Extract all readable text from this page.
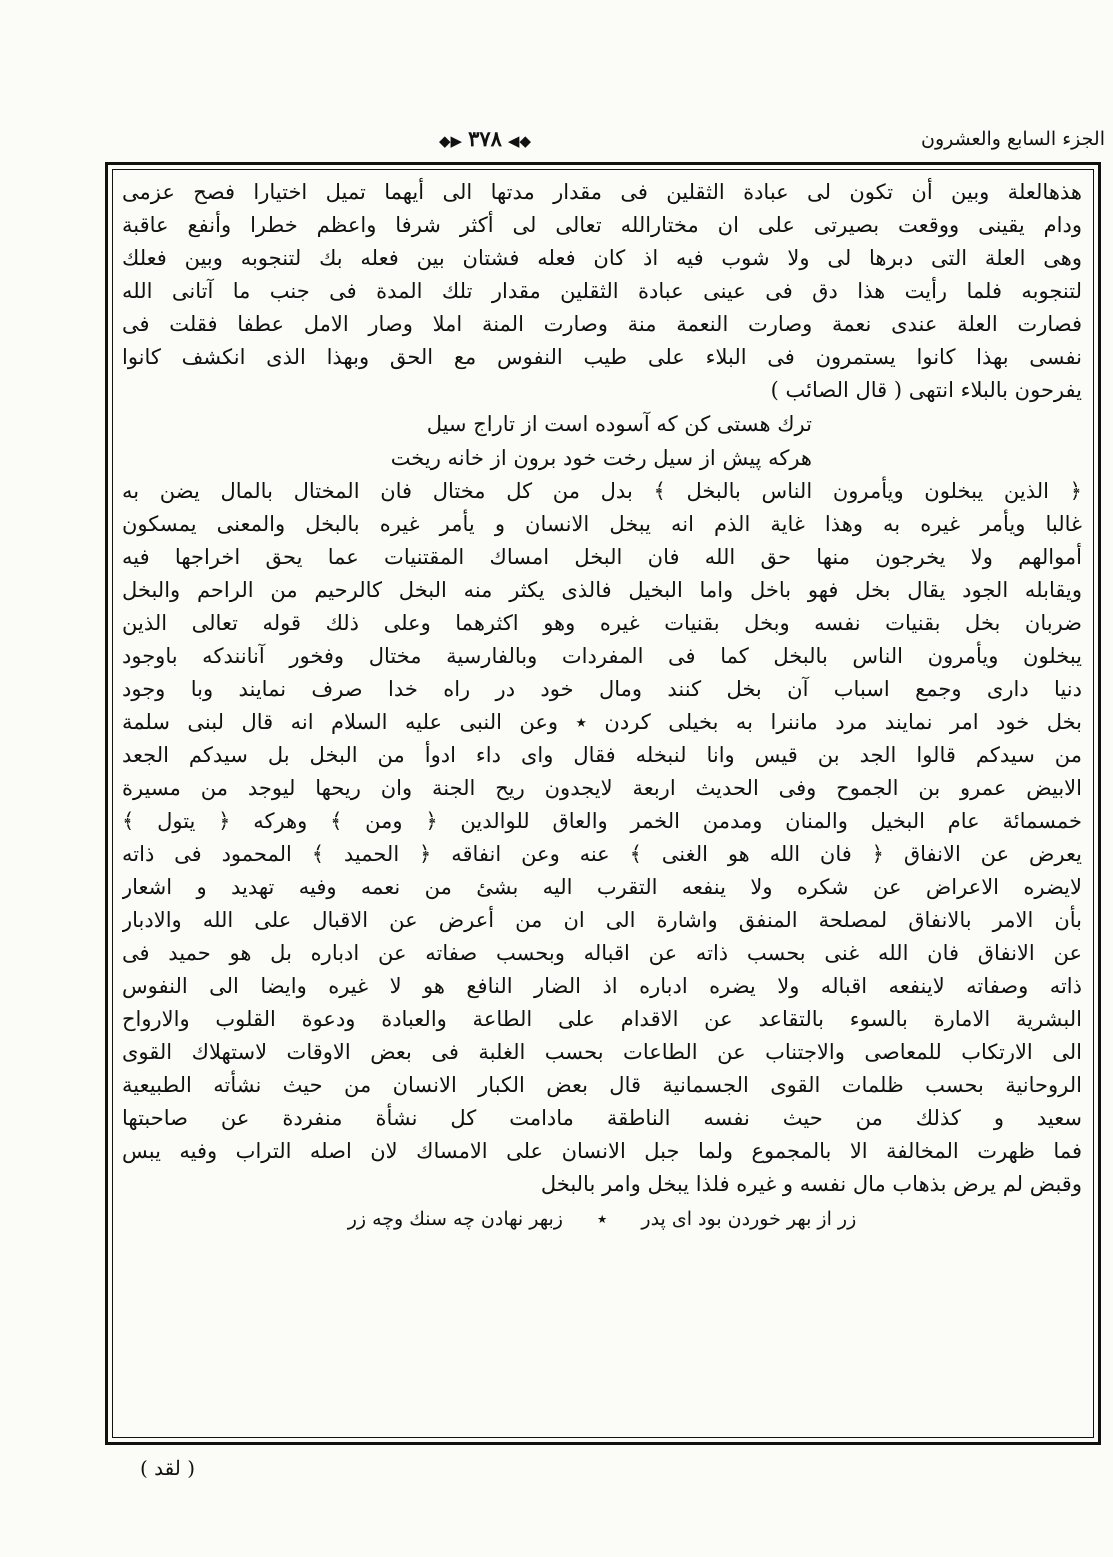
الجزء السابع والعشرون
◆◀٣٧٨▶◆
هذهالعلة وبين أن تكون لى عبادة الثقلين فى مقدار مدتها الى أيهما تميل اختيارا فصح عزمى
ودام يقينى ووقعت بصيرتى على ان مختارالله تعالى لى أكثر شرفا واعظم خطرا وأنفع عاقبة
وهى العلة التى دبرها لى ولا شوب فيه اذ كان فعله فشتان بين فعله بك لتنجوبه وبين فعلك
لتنجوبه فلما رأيت هذا دق فى عينى عبادة الثقلين مقدار تلك المدة فى جنب ما آتانى الله
فصارت العلة عندى نعمة وصارت النعمة منة وصارت المنة املا وصار الامل عطفا فقلت فى
نفسى بهذا كانوا يستمرون فى البلاء على طيب النفوس مع الحق وبهذا الذى انكشف كانوا
يفرحون بالبلاء انتهى ( قال الصائب )
ترك هستى كن كه آسوده است از تاراج سيل
هركه پيش از سيل رخت خود برون از خانه ريخت
﴿ الذين يبخلون ويأمرون الناس بالبخل ﴾ بدل من كل مختال فان المختال بالمال يضن به
غالبا ويأمر غيره به وهذا غاية الذم انه يبخل الانسان و يأمر غيره بالبخل والمعنى يمسكون
أموالهم ولا يخرجون منها حق الله فان البخل امساك المقتنيات عما يحق اخراجها فيه
ويقابله الجود يقال بخل فهو باخل واما البخيل فالذى يكثر منه البخل كالرحيم من الراحم والبخل
ضربان بخل بقنيات نفسه وبخل بقنيات غيره وهو اكثرهما وعلى ذلك قوله تعالى الذين
يبخلون ويأمرون الناس بالبخل كما فى المفردات وبالفارسية مختال وفخور آنانندكه باوجود
دنيا دارى وجمع اسباب آن بخل كنند ومال خود در راه خدا صرف نمايند وبا وجود
بخل خود امر نمايند مرد ماننرا به بخيلى كردن ٭ وعن النبى عليه السلام انه قال لبنى سلمة
من سيدكم قالوا الجد بن قيس وانا لنبخله فقال واى داء ادوأ من البخل بل سيدكم الجعد
الابيض عمرو بن الجموح وفى الحديث اربعة لايجدون ريح الجنة وان ريحها ليوجد من مسيرة
خمسمائة عام البخيل والمنان ومدمن الخمر والعاق للوالدين ﴿ ومن ﴾ وهركه ﴿ يتول ﴾
يعرض عن الانفاق ﴿ فان الله هو الغنى ﴾ عنه وعن انفاقه ﴿ الحميد ﴾ المحمود فى ذاته
لايضره الاعراض عن شكره ولا ينفعه التقرب اليه بشئ من نعمه وفيه تهديد و اشعار
بأن الامر بالانفاق لمصلحة المنفق واشارة الى ان من أعرض عن الاقبال على الله والادبار
عن الانفاق فان الله غنى بحسب ذاته عن اقباله وبحسب صفاته عن ادباره بل هو حميد فى
ذاته وصفاته لاينفعه اقباله ولا يضره ادباره اذ الضار النافع هو لا غيره وايضا الى النفوس
البشرية الامارة بالسوء بالتقاعد عن الاقدام على الطاعة والعبادة ودعوة القلوب والارواح
الى الارتكاب للمعاصى والاجتناب عن الطاعات بحسب الغلبة فى بعض الاوقات لاستهلاك القوى
الروحانية بحسب ظلمات القوى الجسمانية قال بعض الكبار الانسان من حيث نشأته الطبيعية
سعيد و كذلك من حيث نفسه الناطقة مادامت كل نشأة منفردة عن صاحبتها
فما ظهرت المخالفة الا بالمجموع ولما جبل الانسان على الامساك لان اصله التراب وفيه يبس
وقبض لم يرض بذهاب مال نفسه و غيره فلذا يبخل وامر بالبخل
زر از بهر خوردن بود اى پدر ٭ زبهر نهادن چه سنك وچه زر
( لقد )
